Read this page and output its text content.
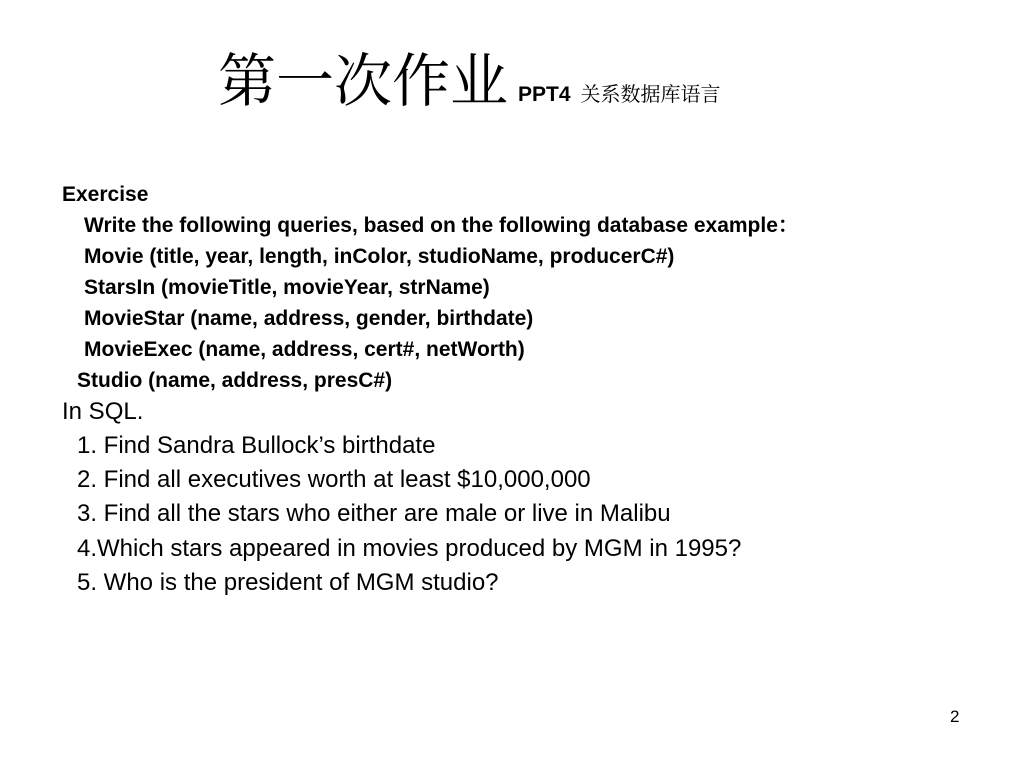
第一次作业 PPT4 关系数据库语言
Exercise
Write the following queries, based on the following database example：
Movie (title, year, length, inColor, studioName, producerC#)
StarsIn (movieTitle, movieYear, strName)
MovieStar (name, address, gender, birthdate)
MovieExec (name, address, cert#, netWorth)
Studio (name, address, presC#)
In SQL.
1. Find Sandra Bullock’s birthdate
2. Find all executives worth at least $10,000,000
3. Find all the stars who either are male or live in Malibu
4.Which stars appeared in movies produced by MGM in 1995?
5. Who is the president of MGM studio?
2
